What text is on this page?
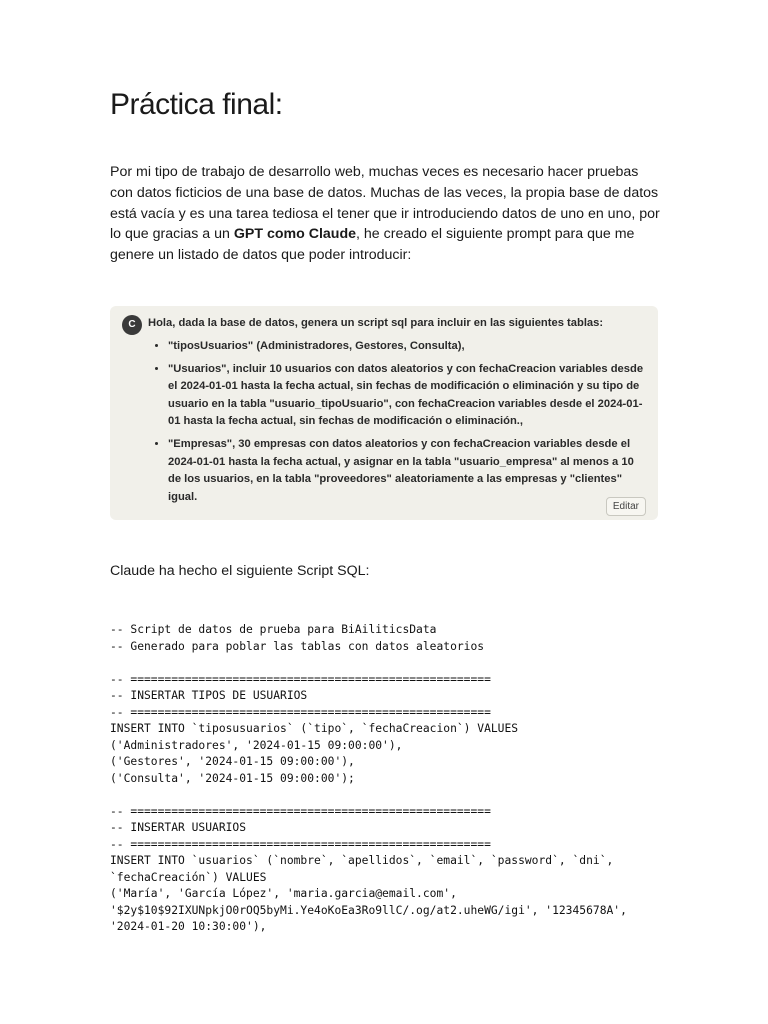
Práctica final:

Por mi tipo de trabajo de desarrollo web, muchas veces es necesario hacer pruebas con datos ficticios de una base de datos. Muchas de las veces, la propia base de datos está vacía y es una tarea tediosa el tener que ir introduciendo datos de uno en uno, por lo que gracias a un GPT como Claude, he creado el siguiente prompt para que me genere un listado de datos que poder introducir:

C	Hola, dada la base de datos, genera un script sql para incluir en las siguientes tablas:

• "tiposUsuarios" (Administradores, Gestores, Consulta),
• "Usuarios", incluir 10 usuarios con datos aleatorios y con fechaCreacion variables desde el 2024-01-01 hasta la fecha actual, sin fechas de modificación o eliminación y su tipo de usuario en la tabla "usuario_tipoUsuario", con fechaCreacion variables desde el 2024-01-01 hasta la fecha actual, sin fechas de modificación o eliminación.,
• "Empresas", 30 empresas con datos aleatorios y con fechaCreacion variables desde el 2024-01-01 hasta la fecha actual, y asignar en la tabla "usuario_empresa" al menos a 10 de los usuarios, en la tabla "proveedores" aleatoriamente a las empresas y "clientes" igual.
Editar

Claude ha hecho el siguiente Script SQL:

-- Script de datos de prueba para BiAiliticsData
-- Generado para poblar las tablas con datos aleatorios
-- =====================================================
-- INSERTAR TIPOS DE USUARIOS
-- =====================================================
INSERT INTO `tiposusuarios` (`tipo`, `fechaCreacion`) VALUES
('Administradores', '2024-01-15 09:00:00'),
('Gestores', '2024-01-15 09:00:00'),
('Consulta', '2024-01-15 09:00:00');
-- =====================================================
-- INSERTAR USUARIOS
-- =====================================================
INSERT INTO `usuarios` (`nombre`, `apellidos`, `email`, `password`, `dni`,
`fechaCreación`) VALUES
('María', 'García López', 'maria.garcia@email.com',
'$2y$10$92IXUNpkjO0rOQ5byMi.Ye4oKoEa3Ro9llC/.og/at2.uheWG/igi', '12345678A',
'2024-01-20 10:30:00'),
